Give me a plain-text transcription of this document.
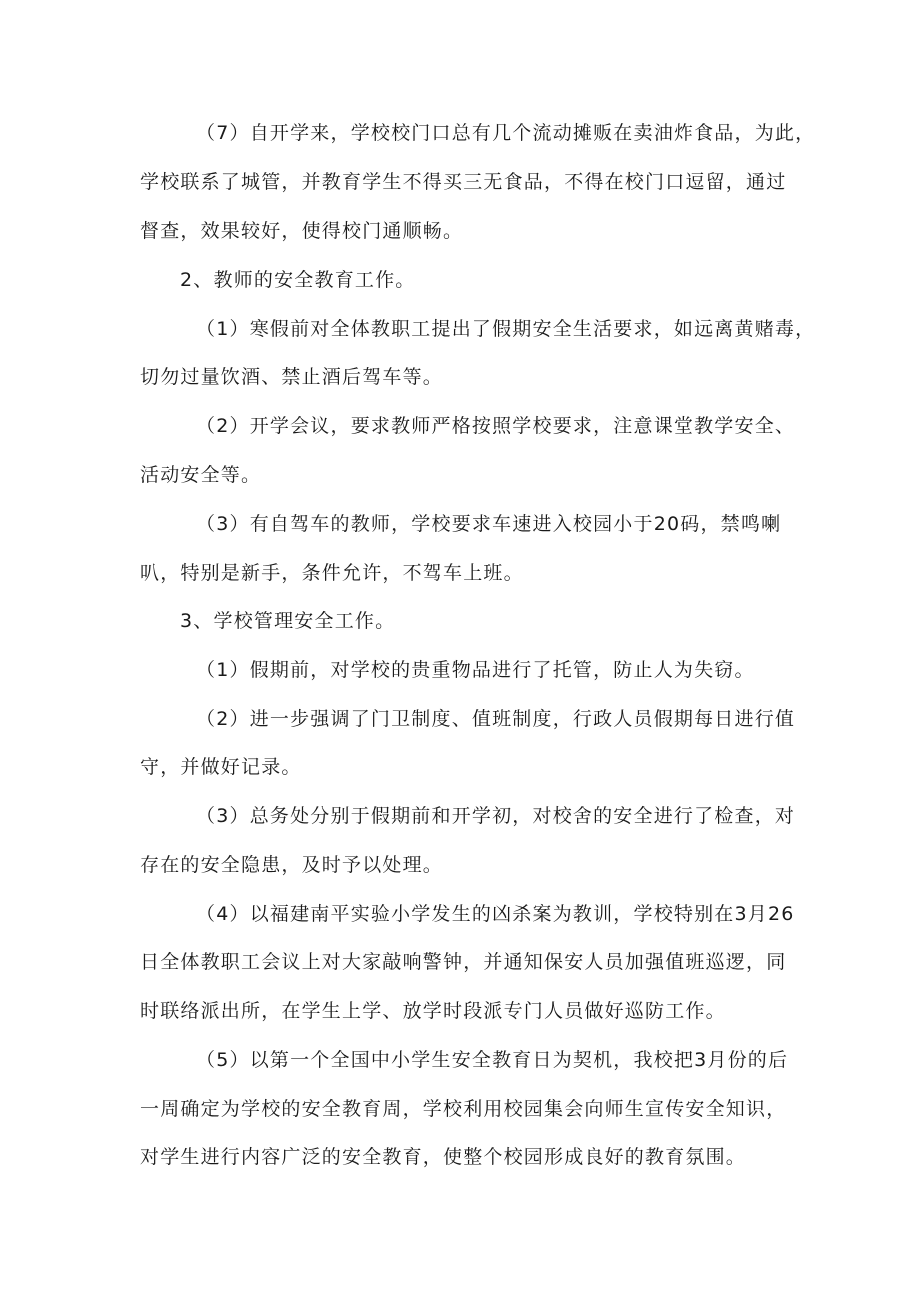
（7）自开学来，学校校门口总有几个流动摊贩在卖油炸食品，为此，
学校联系了城管，并教育学生不得买三无食品，不得在校门口逗留，通过
督查，效果较好，使得校门通顺畅。
2、教师的安全教育工作。
（1）寒假前对全体教职工提出了假期安全生活要求，如远离黄赌毒，
切勿过量饮酒、禁止酒后驾车等。
（2）开学会议，要求教师严格按照学校要求，注意课堂教学安全、
活动安全等。
（3）有自驾车的教师，学校要求车速进入校园小于20码，禁鸣喇
叭，特别是新手，条件允许，不驾车上班。
3、学校管理安全工作。
（1）假期前，对学校的贵重物品进行了托管，防止人为失窃。
（2）进一步强调了门卫制度、值班制度，行政人员假期每日进行值
守，并做好记录。
（3）总务处分别于假期前和开学初，对校舍的安全进行了检查，对
存在的安全隐患，及时予以处理。
（4）以福建南平实验小学发生的凶杀案为教训，学校特别在3月26
日全体教职工会议上对大家敲响警钟，并通知保安人员加强值班巡逻，同
时联络派出所，在学生上学、放学时段派专门人员做好巡防工作。
（5）以第一个全国中小学生安全教育日为契机，我校把3月份的后
一周确定为学校的安全教育周，学校利用校园集会向师生宣传安全知识，
对学生进行内容广泛的安全教育，使整个校园形成良好的教育氛围。
